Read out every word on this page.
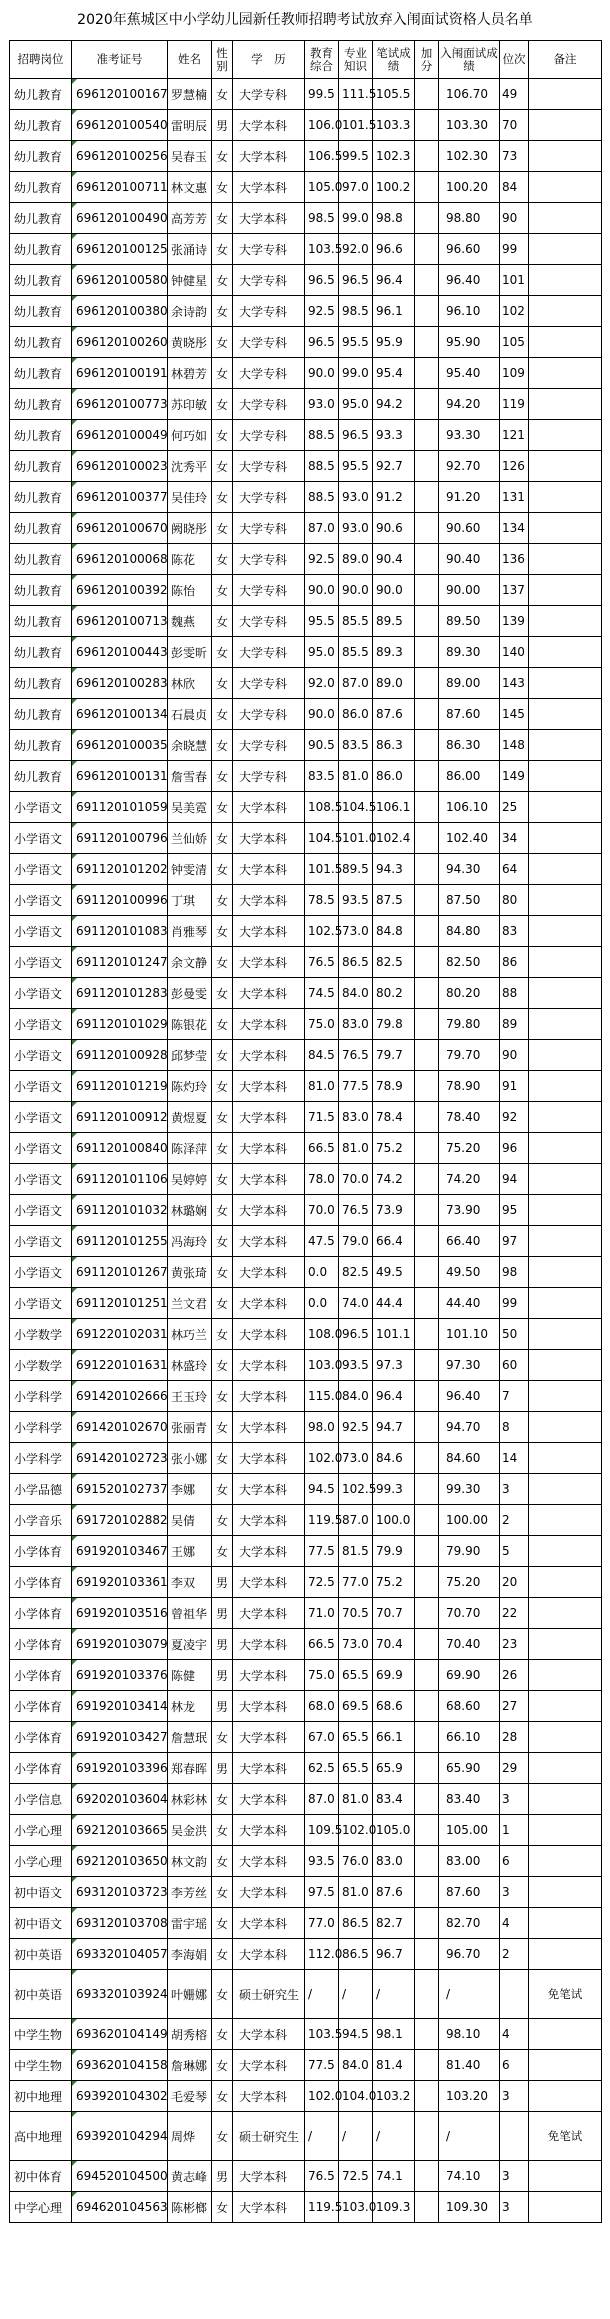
2020年蕉城区中小学幼儿园新任教师招聘考试放弃入闱面试资格人员名单
招聘岗位	准考证号	姓名	性别	学　历	教育综合	专业知识	笔试成绩	加分	入闱面试成绩	位次	备注
幼儿教育	696120100167	罗慧楠	女	大学专科	99.5	111.5	105.5		106.70	49	
幼儿教育	696120100540	雷明辰	男	大学本科	106.0	101.5	103.3		103.30	70	
幼儿教育	696120100256	吴春玉	女	大学本科	106.5	99.5	102.3		102.30	73	
幼儿教育	696120100711	林文惠	女	大学本科	105.0	97.0	100.2		100.20	84	
幼儿教育	696120100490	高芳芳	女	大学本科	98.5	99.0	98.8		98.80	90	
幼儿教育	696120100125	张涌诗	女	大学专科	103.5	92.0	96.6		96.60	99	
幼儿教育	696120100580	钟健星	女	大学专科	96.5	96.5	96.4		96.40	101	
幼儿教育	696120100380	余诗韵	女	大学专科	92.5	98.5	96.1		96.10	102	
幼儿教育	696120100260	黄晓彤	女	大学专科	96.5	95.5	95.9		95.90	105	
幼儿教育	696120100191	林碧芳	女	大学专科	90.0	99.0	95.4		95.40	109	
幼儿教育	696120100773	苏印敏	女	大学专科	93.0	95.0	94.2		94.20	119	
幼儿教育	696120100049	何巧如	女	大学专科	88.5	96.5	93.3		93.30	121	
幼儿教育	696120100023	沈秀平	女	大学专科	88.5	95.5	92.7		92.70	126	
幼儿教育	696120100377	吴佳玲	女	大学专科	88.5	93.0	91.2		91.20	131	
幼儿教育	696120100670	阙晓彤	女	大学专科	87.0	93.0	90.6		90.60	134	
幼儿教育	696120100068	陈花	女	大学专科	92.5	89.0	90.4		90.40	136	
幼儿教育	696120100392	陈怡	女	大学专科	90.0	90.0	90.0		90.00	137	
幼儿教育	696120100713	魏燕	女	大学专科	95.5	85.5	89.5		89.50	139	
幼儿教育	696120100443	彭雯昕	女	大学专科	95.0	85.5	89.3		89.30	140	
幼儿教育	696120100283	林欣	女	大学专科	92.0	87.0	89.0		89.00	143	
幼儿教育	696120100134	石晨贞	女	大学专科	90.0	86.0	87.6		87.60	145	
幼儿教育	696120100035	余晓慧	女	大学专科	90.5	83.5	86.3		86.30	148	
幼儿教育	696120100131	詹雪春	女	大学专科	83.5	81.0	86.0		86.00	149	
小学语文	691120101059	吴美霓	女	大学本科	108.5	104.5	106.1		106.10	25	
小学语文	691120100796	兰仙娇	女	大学本科	104.5	101.0	102.4		102.40	34	
小学语文	691120101202	钟雯清	女	大学本科	101.5	89.5	94.3		94.30	64	
小学语文	691120100996	丁琪	女	大学本科	78.5	93.5	87.5		87.50	80	
小学语文	691120101083	肖雅琴	女	大学本科	102.5	73.0	84.8		84.80	83	
小学语文	691120101247	余文静	女	大学本科	76.5	86.5	82.5		82.50	86	
小学语文	691120101283	彭曼雯	女	大学本科	74.5	84.0	80.2		80.20	88	
小学语文	691120101029	陈银花	女	大学本科	75.0	83.0	79.8		79.80	89	
小学语文	691120100928	邱梦莹	女	大学本科	84.5	76.5	79.7		79.70	90	
小学语文	691120101219	陈灼玲	女	大学本科	81.0	77.5	78.9		78.90	91	
小学语文	691120100912	黄煜夏	女	大学本科	71.5	83.0	78.4		78.40	92	
小学语文	691120100840	陈泽萍	女	大学本科	66.5	81.0	75.2		75.20	96	
小学语文	691120101106	吴婷婷	女	大学本科	78.0	70.0	74.2		74.20	94	
小学语文	691120101032	林璐娴	女	大学本科	70.0	76.5	73.9		73.90	95	
小学语文	691120101255	冯海玲	女	大学本科	47.5	79.0	66.4		66.40	97	
小学语文	691120101267	黄张琦	女	大学本科	0.0	82.5	49.5		49.50	98	
小学语文	691120101251	兰文君	女	大学本科	0.0	74.0	44.4		44.40	99	
小学数学	691220102031	林巧兰	女	大学本科	108.0	96.5	101.1		101.10	50	
小学数学	691220101631	林盛玲	女	大学本科	103.0	93.5	97.3		97.30	60	
小学科学	691420102666	王玉玲	女	大学本科	115.0	84.0	96.4		96.40	7	
小学科学	691420102670	张丽青	女	大学本科	98.0	92.5	94.7		94.70	8	
小学科学	691420102723	张小娜	女	大学本科	102.0	73.0	84.6		84.60	14	
小学品德	691520102737	李娜	女	大学本科	94.5	102.5	99.3		99.30	3	
小学音乐	691720102882	吴倩	女	大学本科	119.5	87.0	100.0		100.00	2	
小学体育	691920103467	王娜	女	大学本科	77.5	81.5	79.9		79.90	5	
小学体育	691920103361	李双	男	大学本科	72.5	77.0	75.2		75.20	20	
小学体育	691920103516	曾祖华	男	大学本科	71.0	70.5	70.7		70.70	22	
小学体育	691920103079	夏凌宇	男	大学本科	66.5	73.0	70.4		70.40	23	
小学体育	691920103376	陈健	男	大学本科	75.0	65.5	69.9		69.90	26	
小学体育	691920103414	林龙	男	大学本科	68.0	69.5	68.6		68.60	27	
小学体育	691920103427	詹慧珉	女	大学本科	67.0	65.5	66.1		66.10	28	
小学体育	691920103396	郑春晖	男	大学本科	62.5	65.5	65.9		65.90	29	
小学信息	692020103604	林彩林	女	大学本科	87.0	81.0	83.4		83.40	3	
小学心理	692120103665	吴金洪	女	大学本科	109.5	102.0	105.0		105.00	1	
小学心理	692120103650	林文韵	女	大学本科	93.5	76.0	83.0		83.00	6	
初中语文	693120103723	李芳丝	女	大学本科	97.5	81.0	87.6		87.60	3	
初中语文	693120103708	雷宇瑶	女	大学本科	77.0	86.5	82.7		82.70	4	
初中英语	693320104057	李海娟	女	大学本科	112.0	86.5	96.7		96.70	2	
初中英语	693320103924	叶姗娜	女	硕士研究生	/	/	/		/		免笔试
中学生物	693620104149	胡秀榕	女	大学本科	103.5	94.5	98.1		98.10	4	
中学生物	693620104158	詹琳娜	女	大学本科	77.5	84.0	81.4		81.40	6	
初中地理	693920104302	毛爱琴	女	大学本科	102.0	104.0	103.2		103.20	3	
高中地理	693920104294	周烨	女	硕士研究生	/	/	/		/		免笔试
初中体育	694520104500	黄志峰	男	大学本科	76.5	72.5	74.1		74.10	3	
中学心理	694620104563	陈彬榔	女	大学本科	119.5	103.0	109.3		109.30	3	
